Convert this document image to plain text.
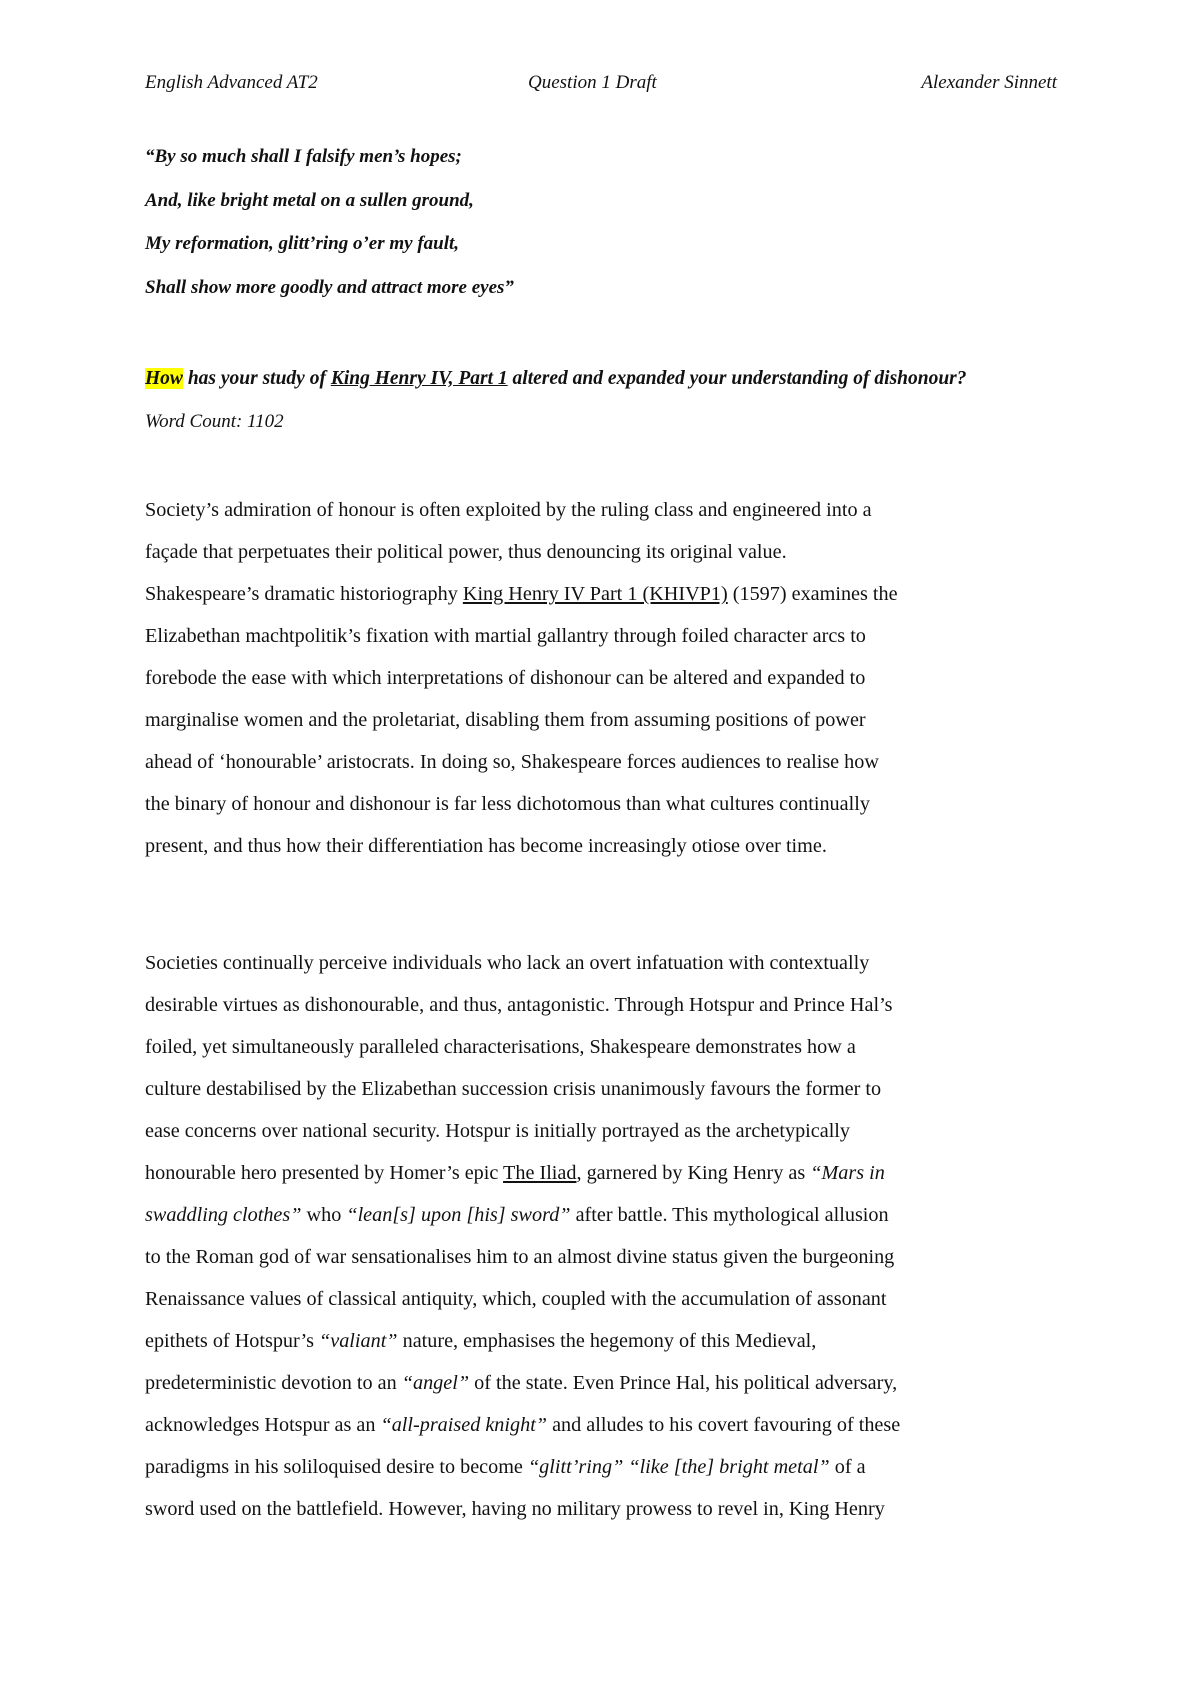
English Advanced AT2	Question 1 Draft	Alexander Sinnett
“By so much shall I falsify men’s hopes;
And, like bright metal on a sullen ground,
My reformation, glitt’ring o’er my fault,
Shall show more goodly and attract more eyes”
How has your study of King Henry IV, Part 1 altered and expanded your understanding of dishonour?
Word Count: 1102
Society’s admiration of honour is often exploited by the ruling class and engineered into a
façade that perpetuates their political power, thus denouncing its original value.
Shakespeare’s dramatic historiography King Henry IV Part 1 (KHIVP1) (1597) examines the
Elizabethan machtpolitik’s fixation with martial gallantry through foiled character arcs to
forebode the ease with which interpretations of dishonour can be altered and expanded to
marginalise women and the proletariat, disabling them from assuming positions of power
ahead of ‘honourable’ aristocrats. In doing so, Shakespeare forces audiences to realise how
the binary of honour and dishonour is far less dichotomous than what cultures continually
present, and thus how their differentiation has become increasingly otiose over time.
Societies continually perceive individuals who lack an overt infatuation with contextually
desirable virtues as dishonourable, and thus, antagonistic. Through Hotspur and Prince Hal’s
foiled, yet simultaneously paralleled characterisations, Shakespeare demonstrates how a
culture destabilised by the Elizabethan succession crisis unanimously favours the former to
ease concerns over national security. Hotspur is initially portrayed as the archetypically
honourable hero presented by Homer’s epic The Iliad, garnered by King Henry as “Mars in
swaddling clothes” who “lean[s] upon [his] sword” after battle. This mythological allusion
to the Roman god of war sensationalises him to an almost divine status given the burgeoning
Renaissance values of classical antiquity, which, coupled with the accumulation of assonant
epithets of Hotspur’s “valiant” nature, emphasises the hegemony of this Medieval,
predeterministic devotion to an “angel” of the state. Even Prince Hal, his political adversary,
acknowledges Hotspur as an “all-praised knight” and alludes to his covert favouring of these
paradigms in his soliloquised desire to become “glitt’ring” “like [the] bright metal” of a
sword used on the battlefield. However, having no military prowess to revel in, King Henry
